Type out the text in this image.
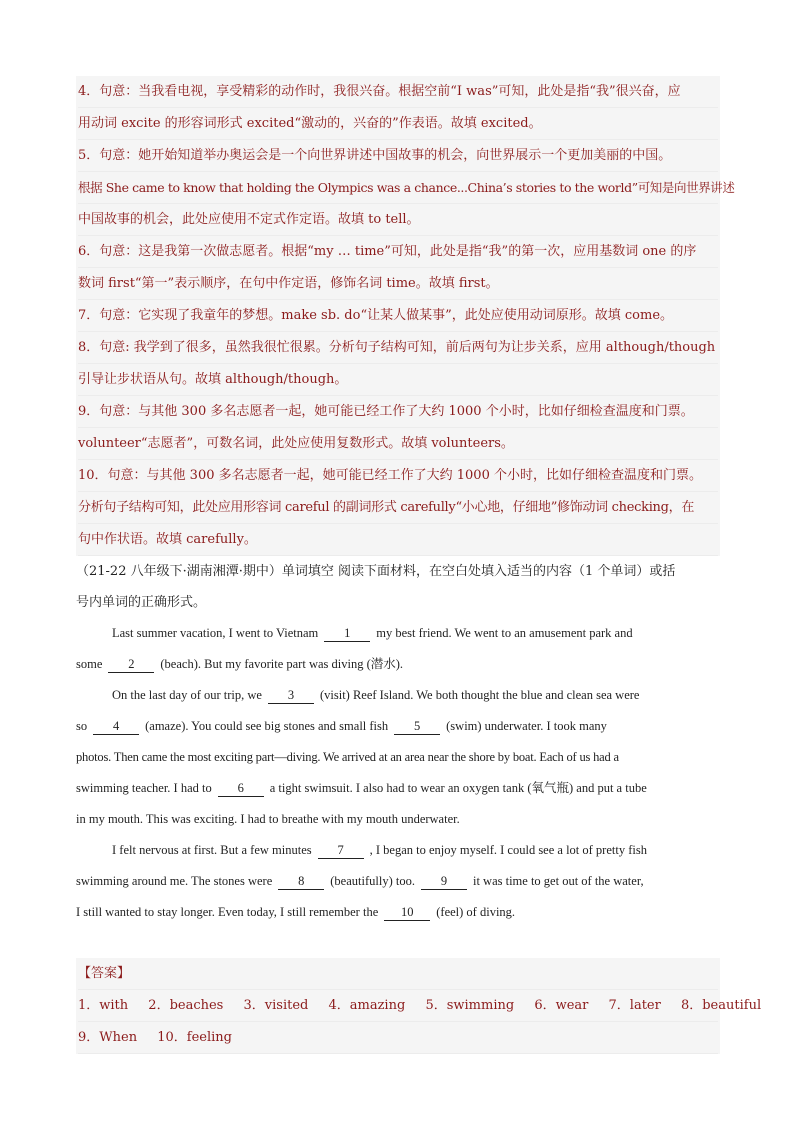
4．句意：当我看电视，享受精彩的动作时，我很兴奋。根据空前“I was”可知，此处是指“我”很兴奋，应
用动词 excite 的形容词形式 excited“激动的，兴奋的”作表语。故填 excited。
5．句意：她开始知道举办奥运会是一个向世界讲述中国故事的机会，向世界展示一个更加美丽的中国。
根据 She came to know that holding the Olympics was a chance...China’s stories to the world”可知是向世界讲述
中国故事的机会，此处应使用不定式作定语。故填 to tell。
6．句意：这是我第一次做志愿者。根据“my … time”可知，此处是指“我”的第一次，应用基数词 one 的序
数词 first“第一”表示顺序，在句中作定语，修饰名词 time。故填 first。
7．句意：它实现了我童年的梦想。make sb. do“让某人做某事”，此处应使用动词原形。故填 come。
8．句意: 我学到了很多，虽然我很忙很累。分析句子结构可知，前后两句为让步关系，应用 although/though
引导让步状语从句。故填 although/though。
9．句意：与其他 300 多名志愿者一起，她可能已经工作了大约 1000 个小时，比如仔细检查温度和门票。
volunteer“志愿者”，可数名词，此处应使用复数形式。故填 volunteers。
10．句意：与其他 300 多名志愿者一起，她可能已经工作了大约 1000 个小时，比如仔细检查温度和门票。
分析句子结构可知，此处应用形容词 careful 的副词形式 carefully“小心地，仔细地”修饰动词 checking，在
句中作状语。故填 carefully。
（21-22 八年级下·湖南湘潭·期中）单词填空 阅读下面材料，在空白处填入适当的内容（1 个单词）或括
号内单词的正确形式。
Last summer vacation, I went to Vietnam 1 my best friend. We went to an amusement park and
some 2 (beach). But my favorite part was diving (潜水).
On the last day of our trip, we 3 (visit) Reef Island. We both thought the blue and clean sea were
so 4 (amaze). You could see big stones and small fish 5 (swim) underwater. I took many
photos. Then came the most exciting part—diving. We arrived at an area near the shore by boat. Each of us had a
swimming teacher. I had to 6 a tight swimsuit. I also had to wear an oxygen tank (氧气瓶) and put a tube
in my mouth. This was exciting. I had to breathe with my mouth underwater.
I felt nervous at first. But a few minutes 7 , I began to enjoy myself. I could see a lot of pretty fish
swimming around me. The stones were 8 (beautifully) too. 9 it was time to get out of the water,
I still wanted to stay longer. Even today, I still remember the 10 (feel) of diving.
【答案】
1．with 2．beaches 3．visited 4．amazing 5．swimming 6．wear 7．later 8．beautiful
9．When 10．feeling
